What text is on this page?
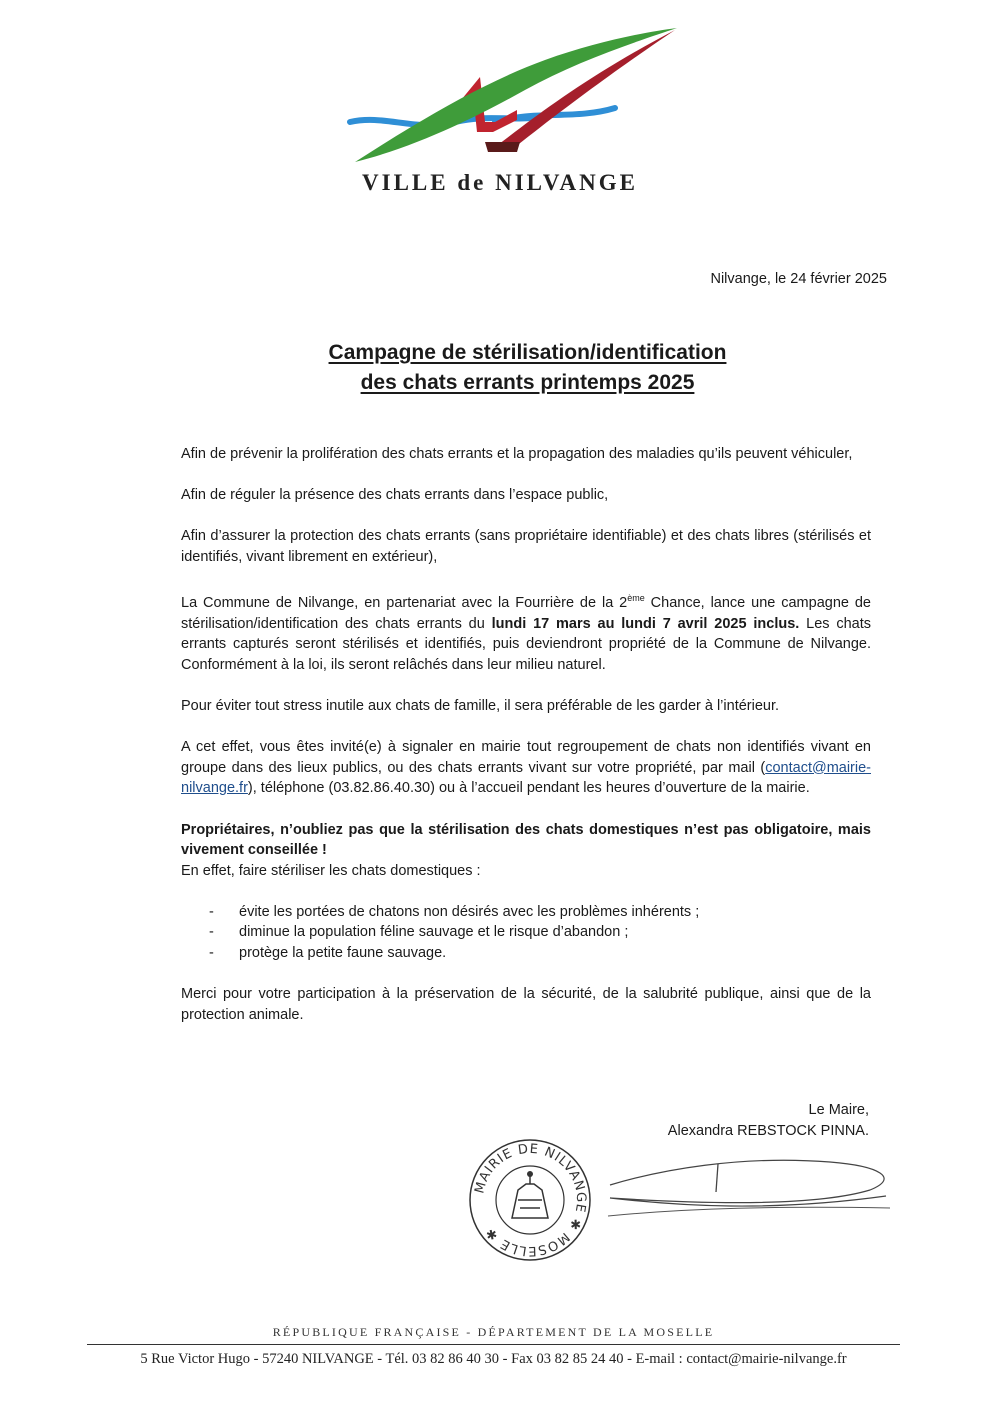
VILLE de NILVANGE
Nilvange, le 24 février 2025
Campagne de stérilisation/identification
des chats errants printemps 2025

Afin de prévenir la prolifération des chats errants et la propagation des maladies qu’ils peuvent véhiculer,

Afin de réguler la présence des chats errants dans l’espace public,

Afin d’assurer la protection des chats errants (sans propriétaire identifiable) et des chats libres (stérilisés et identifiés, vivant librement en extérieur),

La Commune de Nilvange, en partenariat avec la Fourrière de la 2ème Chance, lance une campagne de stérilisation/identification des chats errants du lundi 17 mars au lundi 7 avril 2025 inclus. Les chats errants capturés seront stérilisés et identifiés, puis deviendront propriété de la Commune de Nilvange. Conformément à la loi, ils seront relâchés dans leur milieu naturel.

Pour éviter tout stress inutile aux chats de famille, il sera préférable de les garder à l’intérieur.

A cet effet, vous êtes invité(e) à signaler en mairie tout regroupement de chats non identifiés vivant en groupe dans des lieux publics, ou des chats errants vivant sur votre propriété, par mail (contact@mairie-nilvange.fr), téléphone (03.82.86.40.30) ou à l’accueil pendant les heures d’ouverture de la mairie.

Propriétaires, n’oubliez pas que la stérilisation des chats domestiques n’est pas obligatoire, mais vivement conseillée !
En effet, faire stériliser les chats domestiques :

- évite les portées de chatons non désirés avec les problèmes inhérents ;
- diminue la population féline sauvage et le risque d’abandon ;
- protège la petite faune sauvage.

Merci pour votre participation à la préservation de la sécurité, de la salubrité publique, ainsi que de la protection animale.

Le Maire,
Alexandra REBSTOCK PINNA.
MAIRIE DE NILVANGE ✱ MOSELLE ✱
RÉPUBLIQUE FRANÇAISE - DÉPARTEMENT DE LA MOSELLE
5 Rue Victor Hugo - 57240 NILVANGE - Tél. 03 82 86 40 30 - Fax 03 82 85 24 40 - E-mail : contact@mairie-nilvange.fr
